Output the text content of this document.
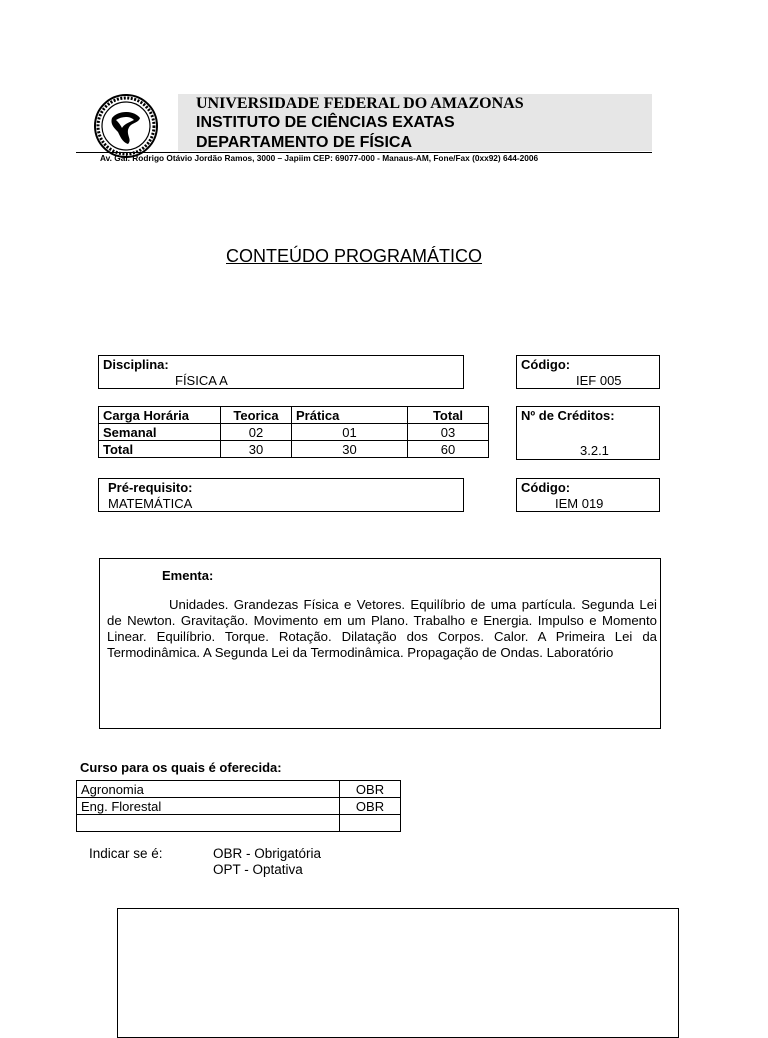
UNIVERSIDADE FEDERAL DO AMAZONAS
INSTITUTO DE CIÊNCIAS EXATAS
DEPARTAMENTO DE FÍSICA
Av. Gal. Rodrigo Otávio Jordão Ramos, 3000 – Japiim CEP: 69077-000 - Manaus-AM, Fone/Fax (0xx92) 644-2006
CONTEÚDO PROGRAMÁTICO
Disciplina:
FÍSICA A
Código:
IEF 005
Carga Horária	Teorica	Prática	Total
Semanal	02	01	03
Total	30	30	60
Nº de Créditos:
3.2.1
Pré-requisito:
MATEMÁTICA
Código:
IEM 019
Ementa:
Unidades. Grandezas Física e Vetores. Equilíbrio de uma partícula. Segunda Lei de Newton. Gravitação. Movimento em um Plano. Trabalho e Energia. Impulso e Momento Linear. Equilíbrio. Torque. Rotação. Dilatação dos Corpos. Calor. A Primeira Lei da Termodinâmica. A Segunda Lei da Termodinâmica. Propagação de Ondas. Laboratório
Curso para os quais é oferecida:
Agronomia	OBR
Eng. Florestal	OBR

Indicar se é:	OBR - Obrigatória
OPT - Optativa
